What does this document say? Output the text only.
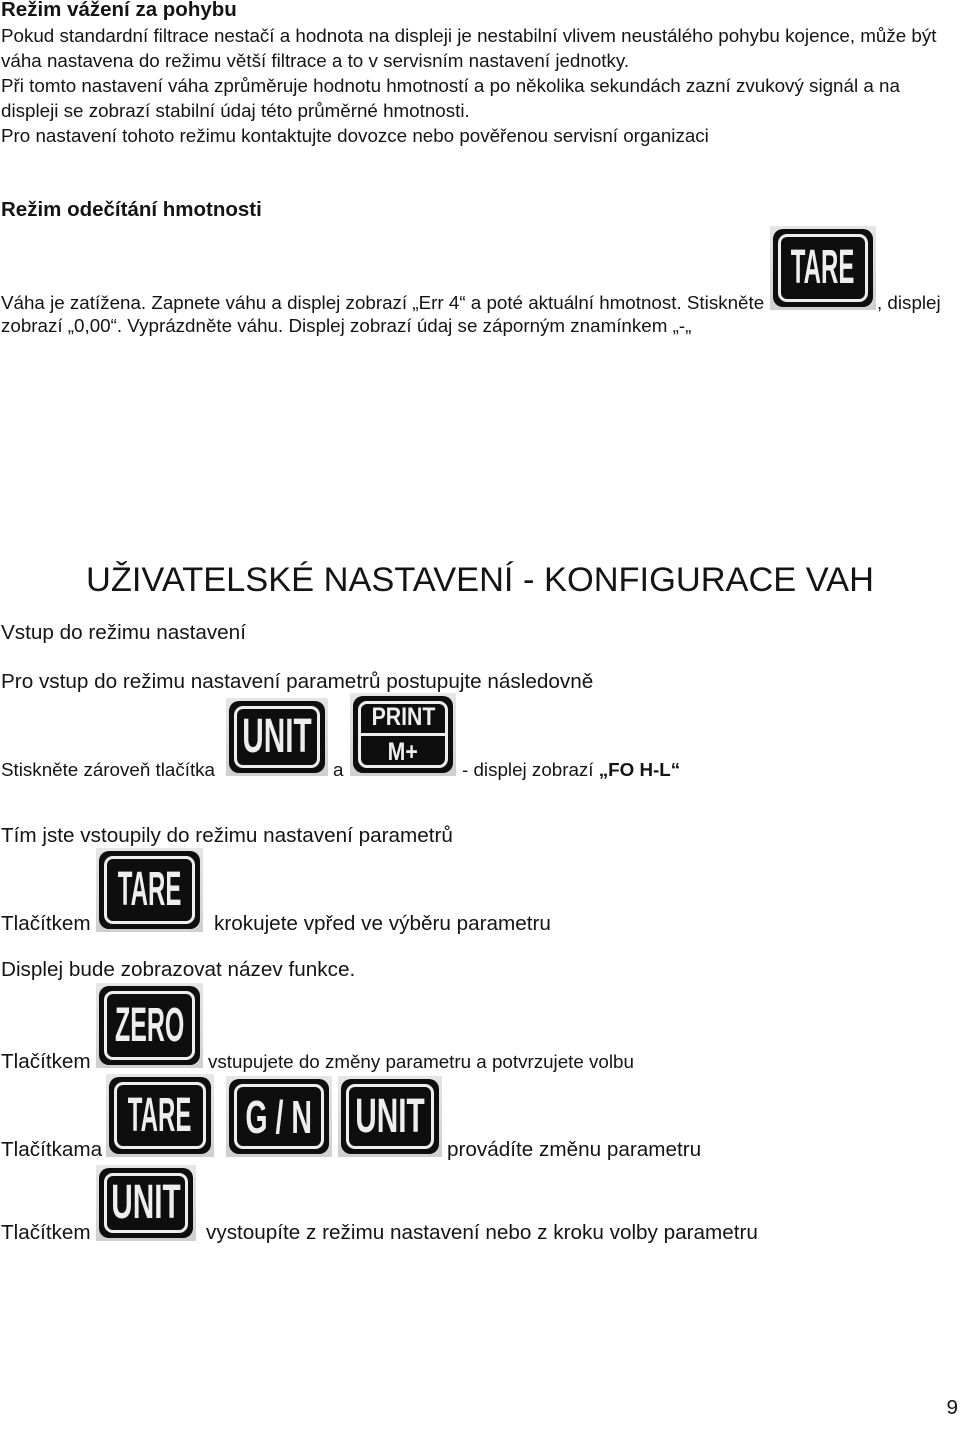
Režim vážení za pohybu
Pokud standardní filtrace nestačí a hodnota na displeji je nestabilní vlivem neustálého pohybu kojence, může být
váha nastavena do režimu větší filtrace a to v servisním nastavení jednotky.
Při tomto nastavení váha zprůměruje hodnotu hmotností a po několika sekundách zazní zvukový signál a na
displeji se zobrazí stabilní údaj této průměrné hmotnosti.
Pro nastavení tohoto režimu kontaktujte dovozce nebo pověřenou servisní organizaci
Režim odečítání hmotnosti
Váha je zatížena. Zapnete váhu a displej zobrazí „Err 4“ a poté aktuální hmotnost. Stiskněte
TARE
, displej
zobrazí „0,00“. Vyprázdněte váhu. Displej zobrazí údaj se záporným znamínkem „-„
UŽIVATELSKÉ NASTAVENÍ - KONFIGURACE VAH
Vstup do režimu nastavení
Pro vstup do režimu nastavení parametrů postupujte následovně
Stiskněte zároveň tlačítka
UNIT
a
PRINT
M+
- displej zobrazí „FO H-L“
Tím jste vstoupily do režimu nastavení parametrů
TARE
Tlačítkem	krokujete vpřed ve výběru parametru
Displej bude zobrazovat název funkce.
ZERO
Tlačítkem	vstupujete do změny parametru a potvrzujete volbu
TARE G / N UNIT
Tlačítkama	provádíte změnu parametru
UNIT
Tlačítkem	vystoupíte z režimu nastavení nebo z kroku volby parametru
9
